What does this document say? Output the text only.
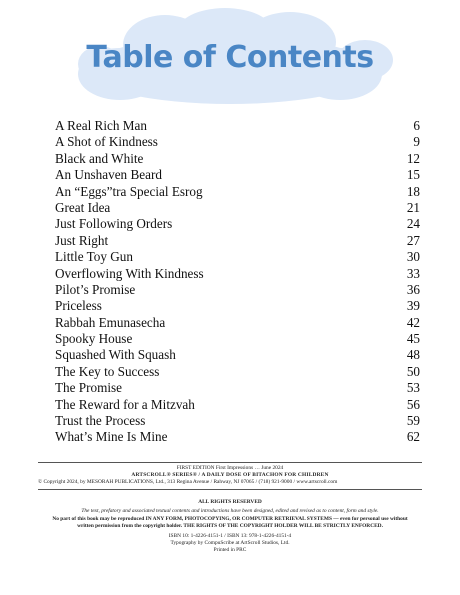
Table of Contents
A Real Rich Man	6
A Shot of Kindness	9
Black and White	12
An Unshaven Beard	15
An “Eggs”tra Special Esrog	18
Great Idea	21
Just Following Orders	24
Just Right	27
Little Toy Gun	30
Overflowing With Kindness	33
Pilot’s Promise	36
Priceless	39
Rabbah Emunasecha	42
Spooky House	45
Squashed With Squash	48
The Key to Success	50
The Promise	53
The Reward for a Mitzvah	56
Trust the Process	59
What’s Mine Is Mine	62
FIRST EDITION First Impressions … June 2024
ARTSCROLL® SERIES® / A DAILY DOSE OF BITACHON FOR CHILDREN
© Copyright 2024, by MESORAH PUBLICATIONS, Ltd., 313 Regina Avenue / Rahway, NJ 07065 / (718) 921-9000 / www.artscroll.com
ALL RIGHTS RESERVED
The text, prefatory and associated textual contents and introductions have been designed, edited and revised as to content, form and style.
No part of this book may be reproduced IN ANY FORM, PHOTOCOPYING, OR COMPUTER RETRIEVAL SYSTEMS — even for personal use without
written permission from the copyright holder. THE RIGHTS OF THE COPYRIGHT HOLDER WILL BE STRICTLY ENFORCED.
ISBN 10: 1-4226-4151-1 / ISBN 13: 978-1-4226-4151-4
Typography by CompuScribe at ArtScroll Studios, Ltd.
Printed in PRC
